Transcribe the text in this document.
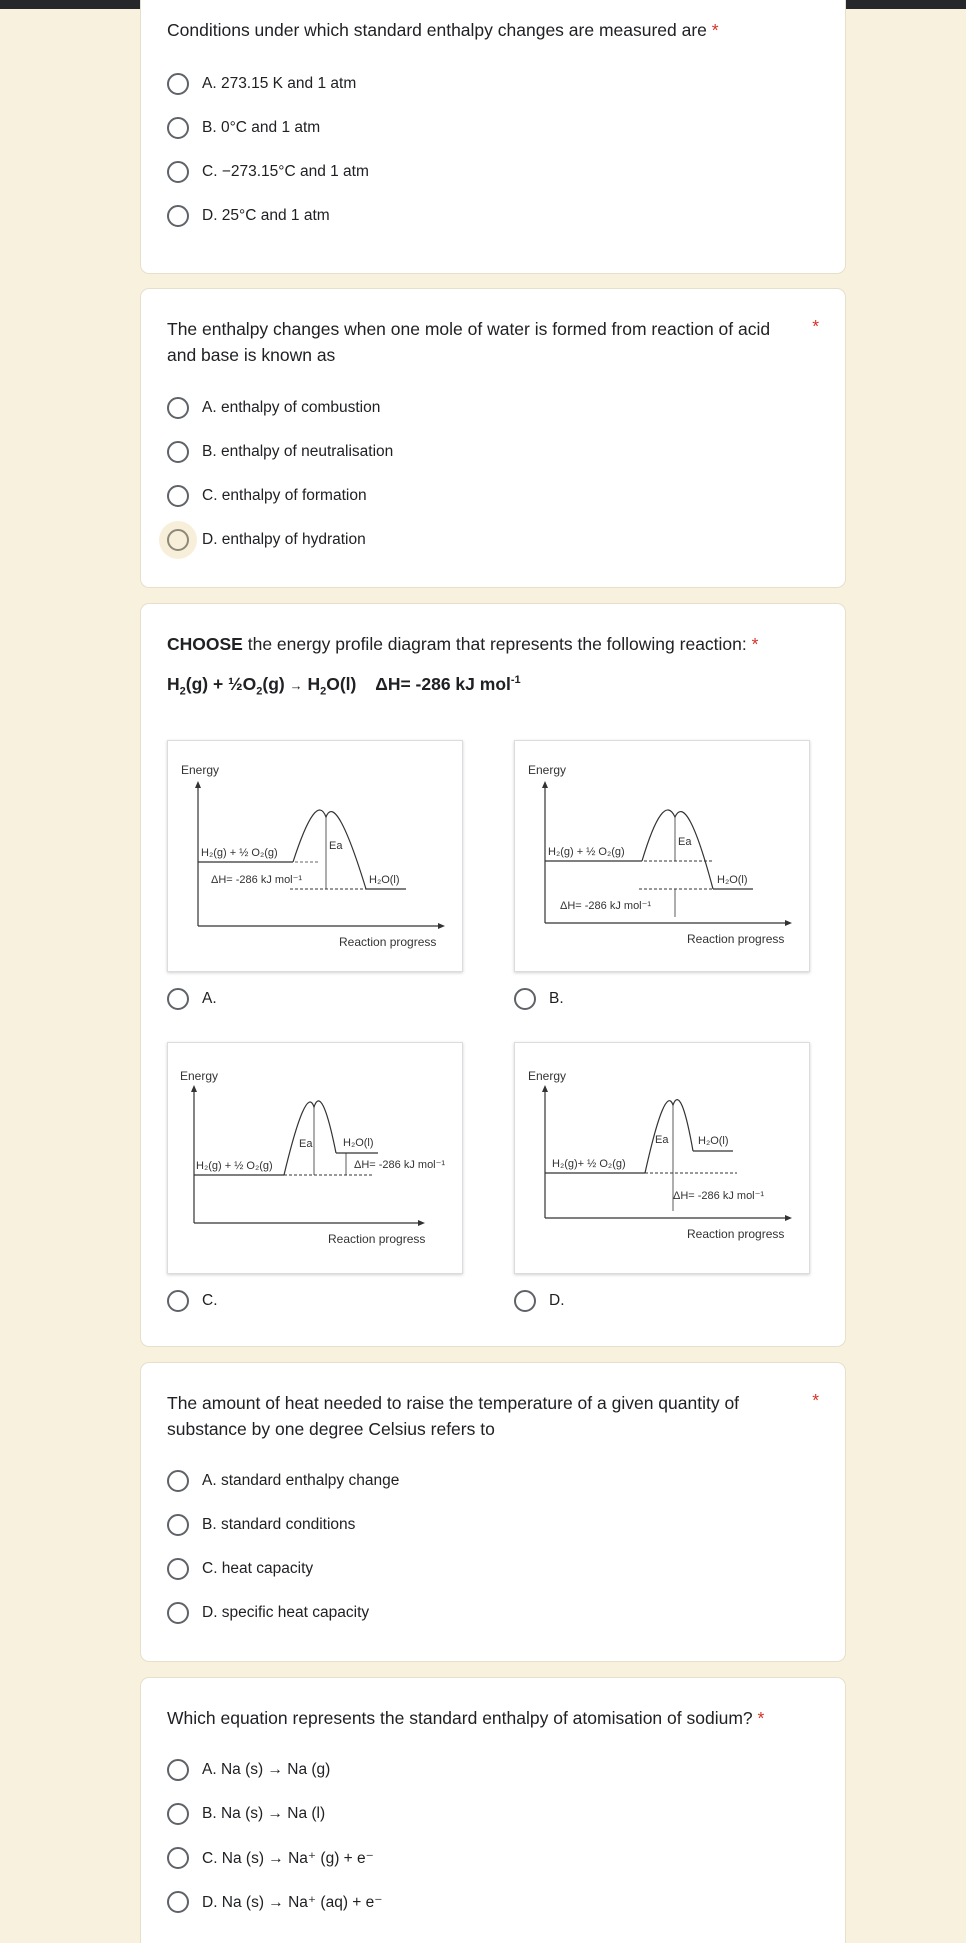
Conditions under which standard enthalpy changes are measured are *
A. 273.15 K and 1 atm
B. 0°C and 1 atm
C. −273.15°C and 1 atm
D. 25°C and 1 atm
The enthalpy changes when one mole of water is formed from reaction of acid and base is known as
*
A. enthalpy of combustion
B. enthalpy of neutralisation
C. enthalpy of formation
D. enthalpy of hydration
CHOOSE the energy profile diagram that represents the following reaction: *
$H_2(g)$ + $\frac{1}{2}O_2(g) \to H_2O(l)$ ΔH= -286 kJ mol$^{-1}$
Energy
H₂(g) + ½ O₂(g)
ΔH= -286 kJ mol⁻¹
Ea
H₂O(l)
Reaction progress
A.
Energy
H₂(g) + ½ O₂(g)
Ea
H₂O(l)
ΔH= -286 kJ mol⁻¹
Reaction progress
B.
Energy
H₂(g) + ½ O₂(g)
Ea	H₂O(l)
ΔH= -286 kJ mol⁻¹
Reaction progress
C.
Energy
H₂(g)+ ½ O₂(g)
Ea	H₂O(l)
ΔH= -286 kJ mol⁻¹
Reaction progress
D.
The amount of heat needed to raise the temperature of a given quantity of substance by one degree Celsius refers to
*
A. standard enthalpy change
B. standard conditions
C. heat capacity
D. specific heat capacity
Which equation represents the standard enthalpy of atomisation of sodium? *
A. Na (s) → Na (g)
B. Na (s) → Na (l)
C. Na (s) → Na⁺ (g) + e⁻
D. Na (s) → Na⁺ (aq) + e⁻
